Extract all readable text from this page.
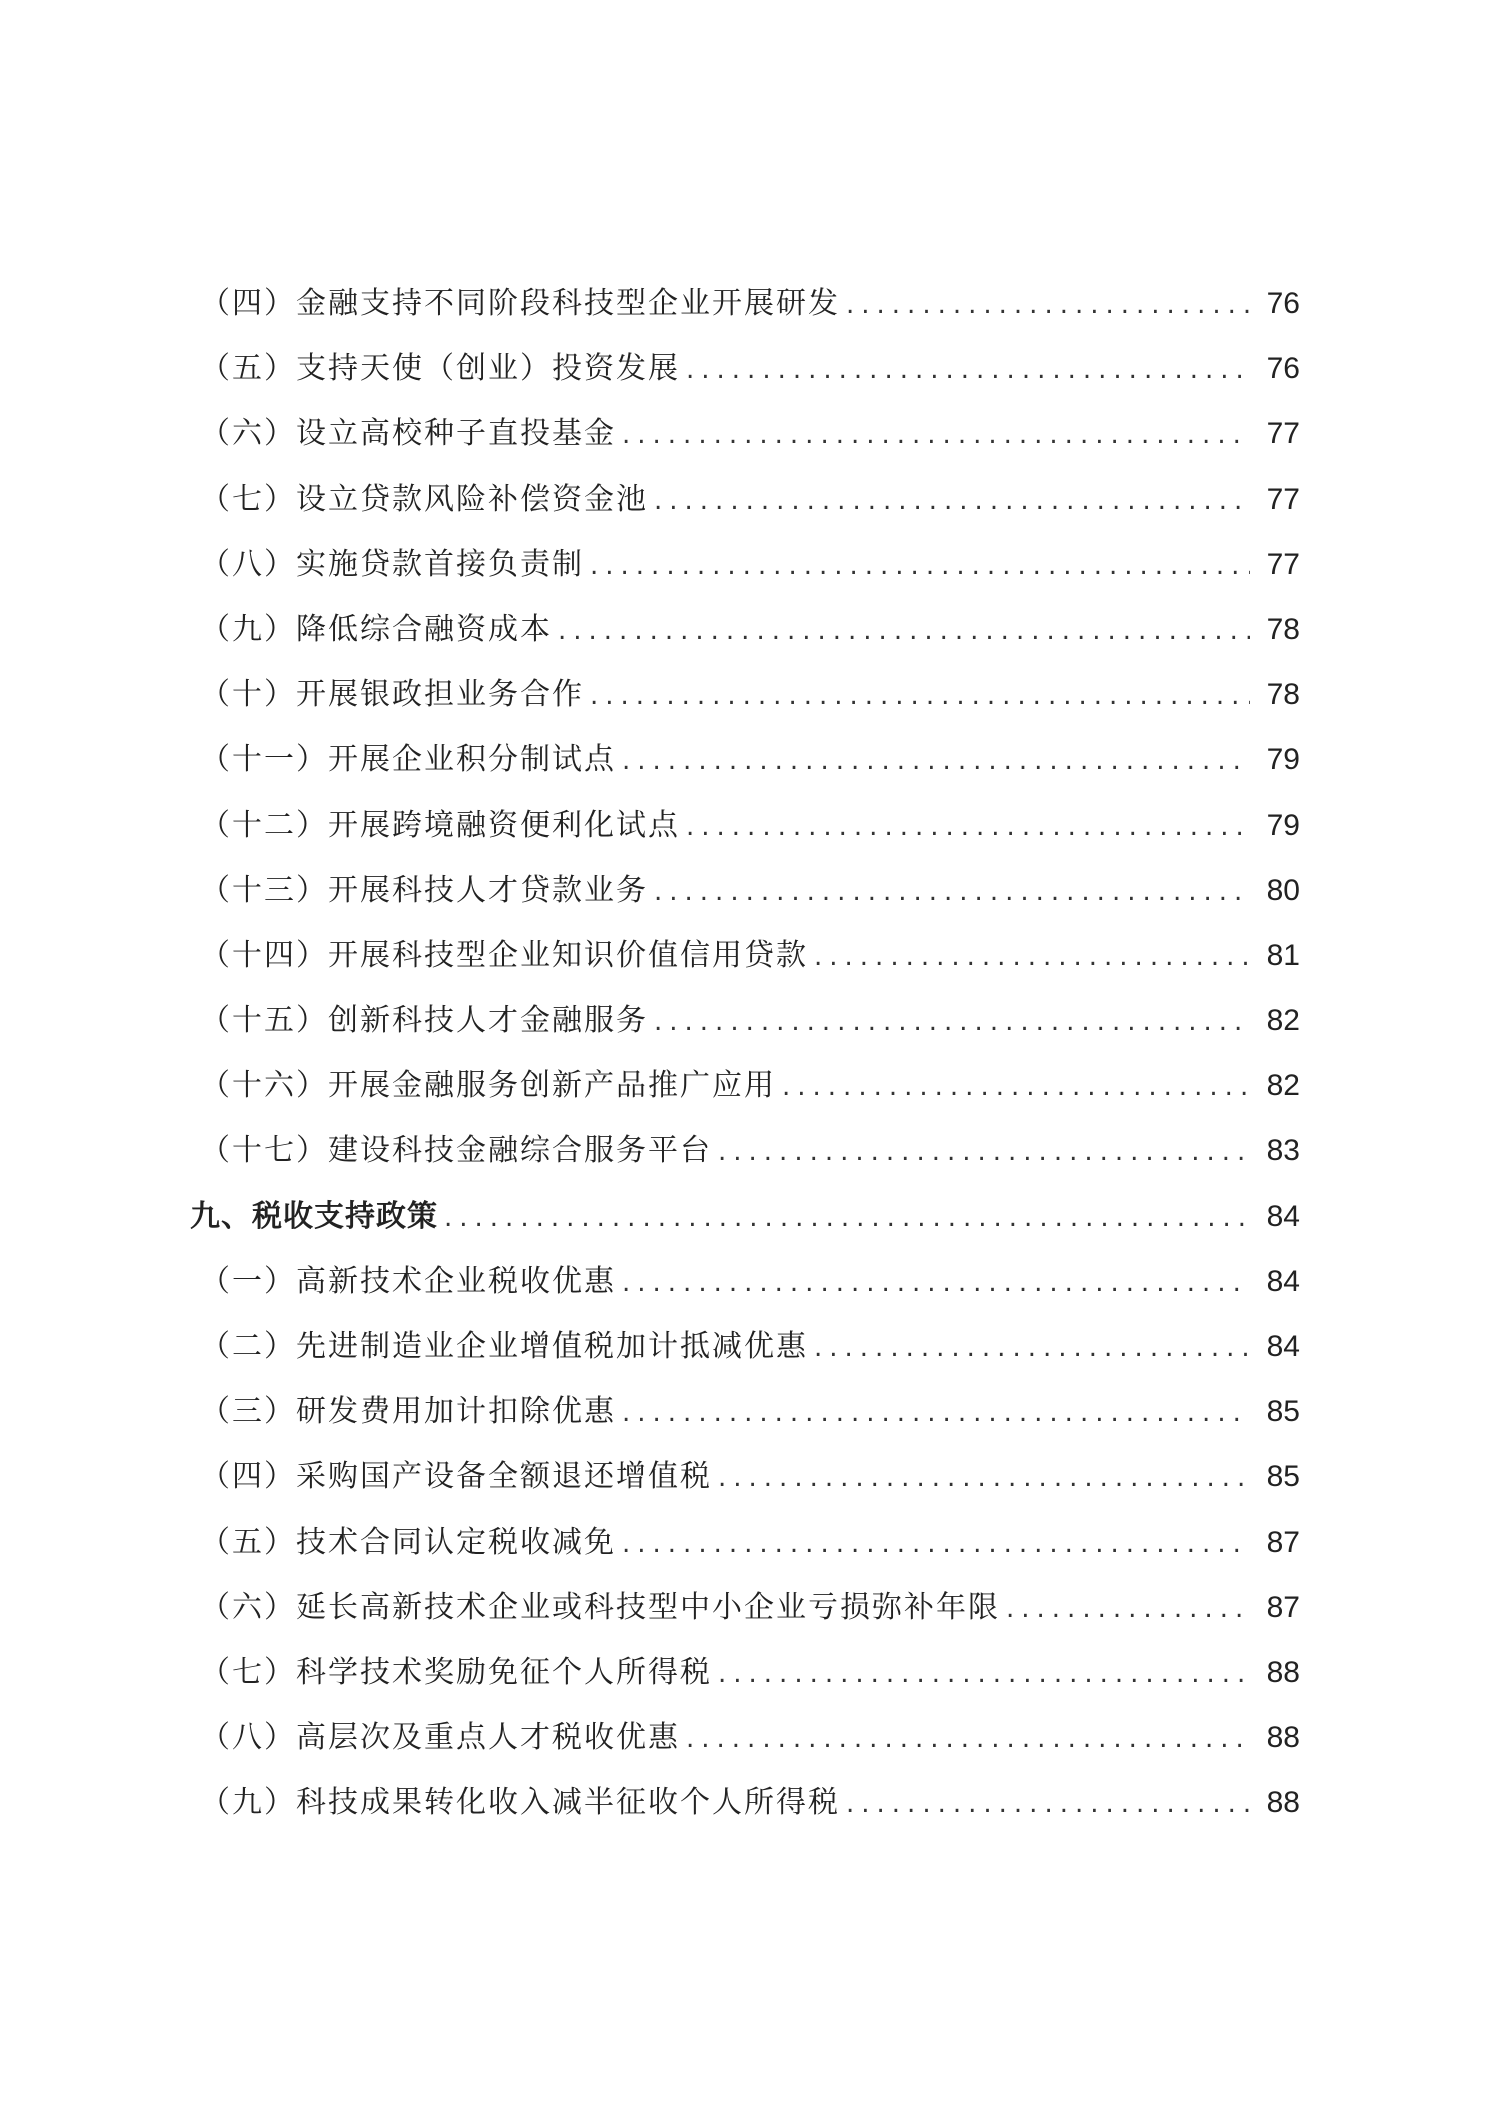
（四）金融支持不同阶段科技型企业开展研发 .....	76
（五）支持天使（创业）投资发展 .....	76
（六）设立高校种子直投基金 .....	77
（七）设立贷款风险补偿资金池 .....	77
（八）实施贷款首接负责制 .....	77
（九）降低综合融资成本 .....	78
（十）开展银政担业务合作 .....	78
（十一）开展企业积分制试点 .....	79
（十二）开展跨境融资便利化试点 .....	79
（十三）开展科技人才贷款业务 .....	80
（十四）开展科技型企业知识价值信用贷款 .....	81
（十五）创新科技人才金融服务 .....	82
（十六）开展金融服务创新产品推广应用 .....	82
（十七）建设科技金融综合服务平台 .....	83
九、税收支持政策 .....	84
（一）高新技术企业税收优惠 .....	84
（二）先进制造业企业增值税加计抵减优惠 .....	84
（三）研发费用加计扣除优惠 .....	85
（四）采购国产设备全额退还增值税 .....	85
（五）技术合同认定税收减免 .....	87
（六）延长高新技术企业或科技型中小企业亏损弥补年限 .....	87
（七）科学技术奖励免征个人所得税 .....	88
（八）高层次及重点人才税收优惠 .....	88
（九）科技成果转化收入减半征收个人所得税 .....	88
